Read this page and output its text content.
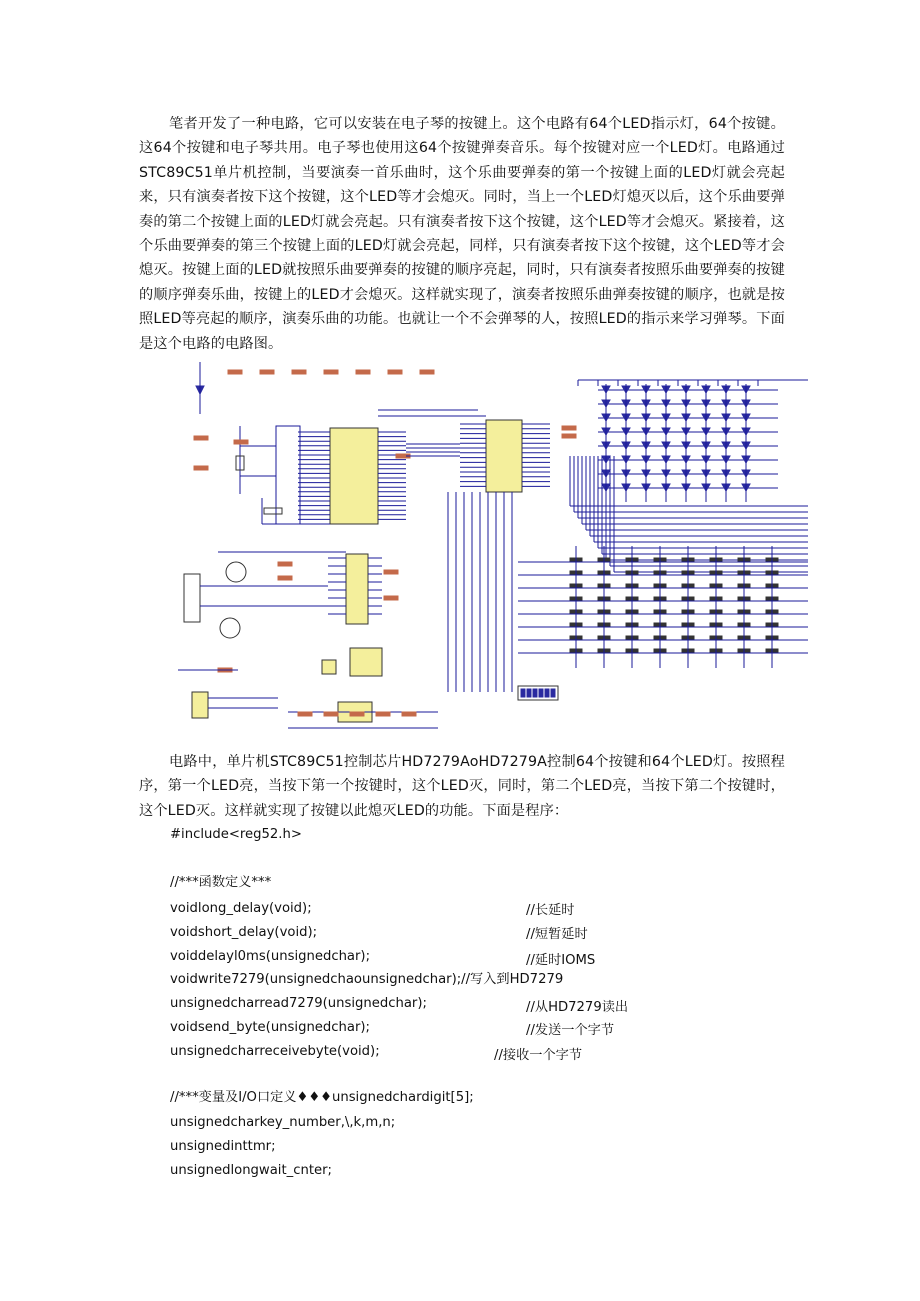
笔者开发了一种电路，它可以安装在电子琴的按键上。这个电路有64个LED指示灯，64个按键。这64个按键和电子琴共用。电子琴也使用这64个按键弹奏音乐。每个按键对应一个LED灯。电路通过STC89C51单片机控制，当要演奏一首乐曲时，这个乐曲要弹奏的第一个按键上面的LED灯就会亮起来，只有演奏者按下这个按键，这个LED等才会熄灭。同时，当上一个LED灯熄灭以后，这个乐曲要弹奏的第二个按键上面的LED灯就会亮起。只有演奏者按下这个按键，这个LED等才会熄灭。紧接着，这个乐曲要弹奏的第三个按键上面的LED灯就会亮起，同样，只有演奏者按下这个按键，这个LED等才会熄灭。按键上面的LED就按照乐曲要弹奏的按键的顺序亮起，同时，只有演奏者按照乐曲要弹奏的按键的顺序弹奏乐曲，按键上的LED才会熄灭。这样就实现了，演奏者按照乐曲弹奏按键的顺序，也就是按照LED等亮起的顺序，演奏乐曲的功能。也就让一个不会弹琴的人，按照LED的指示来学习弹琴。下面是这个电路的电路图。

电路中，单片机STC89C51控制芯片HD7279AoHD7279A控制64个按键和64个LED灯。按照程序，第一个LED亮，当按下第一个按键时，这个LED灭，同时，第二个LED亮，当按下第二个按键时，这个LED灭。这样就实现了按键以此熄灭LED的功能。下面是程序：

#include<reg52.h>
//***函数定义***
voidlong_delay(void);	//长延时
voidshort_delay(void);	//短暂延时
voiddelayl0ms(unsignedchar);	//延时IOMS
voidwrite7279(unsignedchaounsignedchar);//写入到HD7279
unsignedcharread7279(unsignedchar);	//从HD7279读出
voidsend_byte(unsignedchar);	//发送一个字节
unsignedcharreceivebyte(void);	//接收一个字节
//***变量及I/O口定义♦♦♦unsignedchardigit[5];
unsignedcharkey_number,\,k,m,n;
unsignedinttmr;
unsignedlongwait_cnter;
